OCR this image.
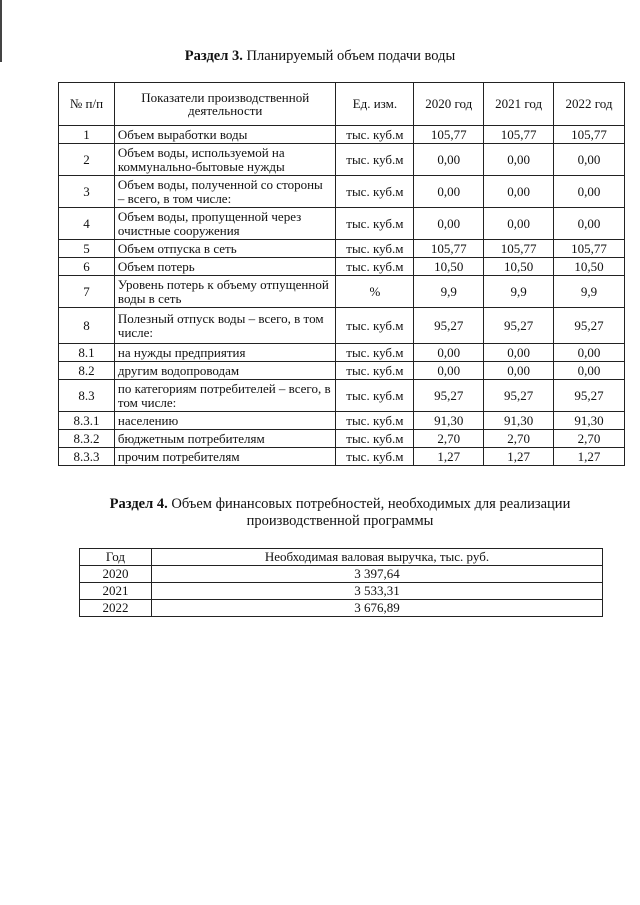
Раздел 3. Планируемый объем подачи воды
№ п/п	Показатели производственной деятельности	Ед. изм.	2020 год	2021 год	2022 год
1	Объем выработки воды	тыс. куб.м	105,77	105,77	105,77
2	Объем воды, используемой на коммунально-бытовые нужды	тыс. куб.м	0,00	0,00	0,00
3	Объем воды, полученной со стороны – всего, в том числе:	тыс. куб.м	0,00	0,00	0,00
4	Объем воды, пропущенной через очистные сооружения	тыс. куб.м	0,00	0,00	0,00
5	Объем отпуска в сеть	тыс. куб.м	105,77	105,77	105,77
6	Объем потерь	тыс. куб.м	10,50	10,50	10,50
7	Уровень потерь к объему отпущенной воды в сеть	%	9,9	9,9	9,9
8	Полезный отпуск воды – всего, в том числе:	тыс. куб.м	95,27	95,27	95,27
8.1	на нужды предприятия	тыс. куб.м	0,00	0,00	0,00
8.2	другим водопроводам	тыс. куб.м	0,00	0,00	0,00
8.3	по категориям потребителей – всего, в том числе:	тыс. куб.м	95,27	95,27	95,27
8.3.1	населению	тыс. куб.м	91,30	91,30	91,30
8.3.2	бюджетным потребителям	тыс. куб.м	2,70	2,70	2,70
8.3.3	прочим потребителям	тыс. куб.м	1,27	1,27	1,27
Раздел 4. Объем финансовых потребностей, необходимых для реализации производственной программы
Год	Необходимая валовая выручка, тыс. руб.
2020	3 397,64
2021	3 533,31
2022	3 676,89
